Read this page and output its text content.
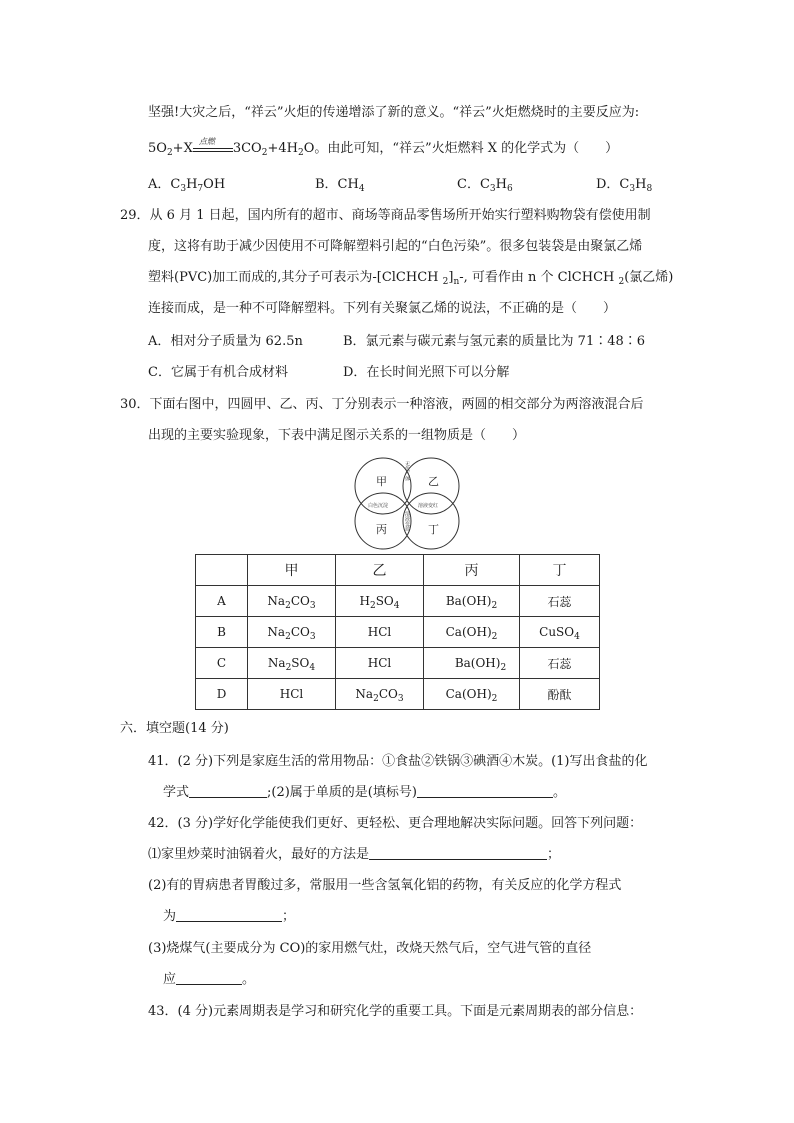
坚强!大灾之后，“祥云”火炬的传递增添了新的意义。“祥云”火炬燃烧时的主要反应为:
$5O_2+X$ 点燃 $3CO_2+4H_2O$。由此可知，“祥云”火炬燃料 X 的化学式为（　　）
A．$C_3H_7OH$	B．$CH_4$	C．$C_3H_6$	D．$C_3H_8$
29．从 6 月 1 日起，国内所有的超市、商场等商品零售场所开始实行塑料购物袋有偿使用制
度，这将有助于减少因使用不可降解塑料引起的“白色污染”。很多包装袋是由聚氯乙烯
塑料(PVC)加工而成的,其分子可表示为-[ClCHCH $_2]_n-$, 可看作由 n 个 ClCHCH $_2$(氯乙烯)
连接而成，是一种不可降解塑料。下列有关聚氯乙烯的说法，不正确的是（　　）
A．相对分子质量为 62.5n	B．氯元素与碳元素与氢元素的质量比为 71∶48∶6
C．它属于有机合成材料	D．在长时间光照下可以分解
30．下面右图中，四圆甲、乙、丙、丁分别表示一种溶液，两圆的相交部分为两溶液混合后
出现的主要实验现象，下表中满足图示关系的一组物质是（　　）
甲	乙
丙	丁
无色气体
溶液变蓝
白色沉淀	溶液变红
	甲	乙	丙	丁
A	$Na_2CO_3$	$H_2SO_4$	$Ba(OH)_2$	石蕊
B	$Na_2CO_3$	HCl	$Ca(OH)_2$	CuSO$_4$
C	$Na_2SO_4$	HCl	$Ba(OH)_2$	石蕊
D	HCl	$Na_2CO_3$	$Ca(OH)_2$	酚酞
六．填空题(14 分)
41．(2 分)下列是家庭生活的常用物品：①食盐②铁锅③碘酒④木炭。(1)写出食盐的化
学式	;(2)属于单质的是(填标号)	。
42．(3 分)学好化学能使我们更好、更轻松、更合理地解决实际问题。回答下列问题：
⑴家里炒菜时油锅着火，最好的方法是	；
(2)有的胃病患者胃酸过多，常服用一些含氢氧化铝的药物，有关反应的化学方程式
为	；
(3)烧煤气(主要成分为 CO)的家用燃气灶，改烧天然气后，空气进气管的直径
应	。
43．(4 分)元素周期表是学习和研究化学的重要工具。下面是元素周期表的部分信息：
